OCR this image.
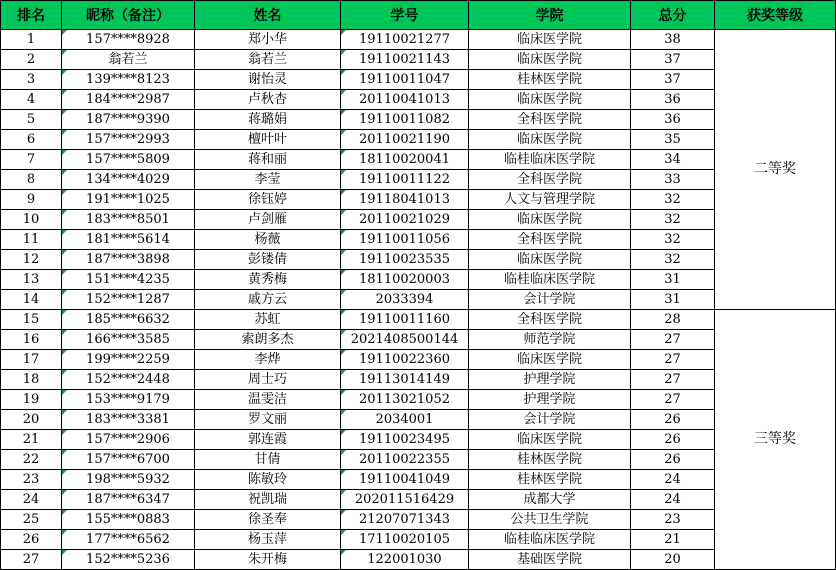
排名	昵称（备注）	姓名	学号	学院	总分	获奖等级
1	157****8928	郑小华	19110021277	临床医学院	38	二等奖
2	翁若兰	翁若兰	19110021143	临床医学院	37	
3	139****8123	谢怡灵	19110011047	桂林医学院	37	
4	184****2987	卢秋杏	20110041013	临床医学院	36	
5	187****9390	蒋璐娟	19110011082	全科医学院	36	
6	157****2993	檀叶叶	20110021190	临床医学院	35	
7	157****5809	蒋和丽	18110020041	临桂临床医学院	34	
8	134****4029	李莹	19110011122	全科医学院	33	
9	191****1025	徐钰婷	19118041013	人文与管理学院	32	
10	183****8501	卢剑雁	20110021029	临床医学院	32	
11	181****5614	杨薇	19110011056	全科医学院	32	
12	187****3898	彭镂倩	19110023535	临床医学院	32	
13	151****4235	黄秀梅	18110020003	临桂临床医学院	31	
14	152****1287	戚方云	2033394	会计学院	31	
15	185****6632	苏虹	19110011160	全科医学院	28	三等奖
16	166****3585	索朗多杰	2021408500144	师范学院	27	
17	199****2259	李烨	19110022360	临床医学院	27	
18	152****2448	周士巧	19113014149	护理学院	27	
19	153****9179	温雯洁	20113021052	护理学院	27	
20	183****3381	罗文丽	2034001	会计学院	26	
21	157****2906	郭连霞	19110023495	临床医学院	26	
22	157****6700	甘倩	20110022355	桂林医学院	26	
23	198****5932	陈敏玲	19110041049	桂林医学院	24	
24	187****6347	祝凯瑞	202011516429	成都大学	24	
25	155****0883	徐圣奉	21207071343	公共卫生学院	23	
26	177****6562	杨玉萍	17110020105	临桂临床医学院	21	
27	152****5236	朱开梅	122001030	基础医学院	20	
